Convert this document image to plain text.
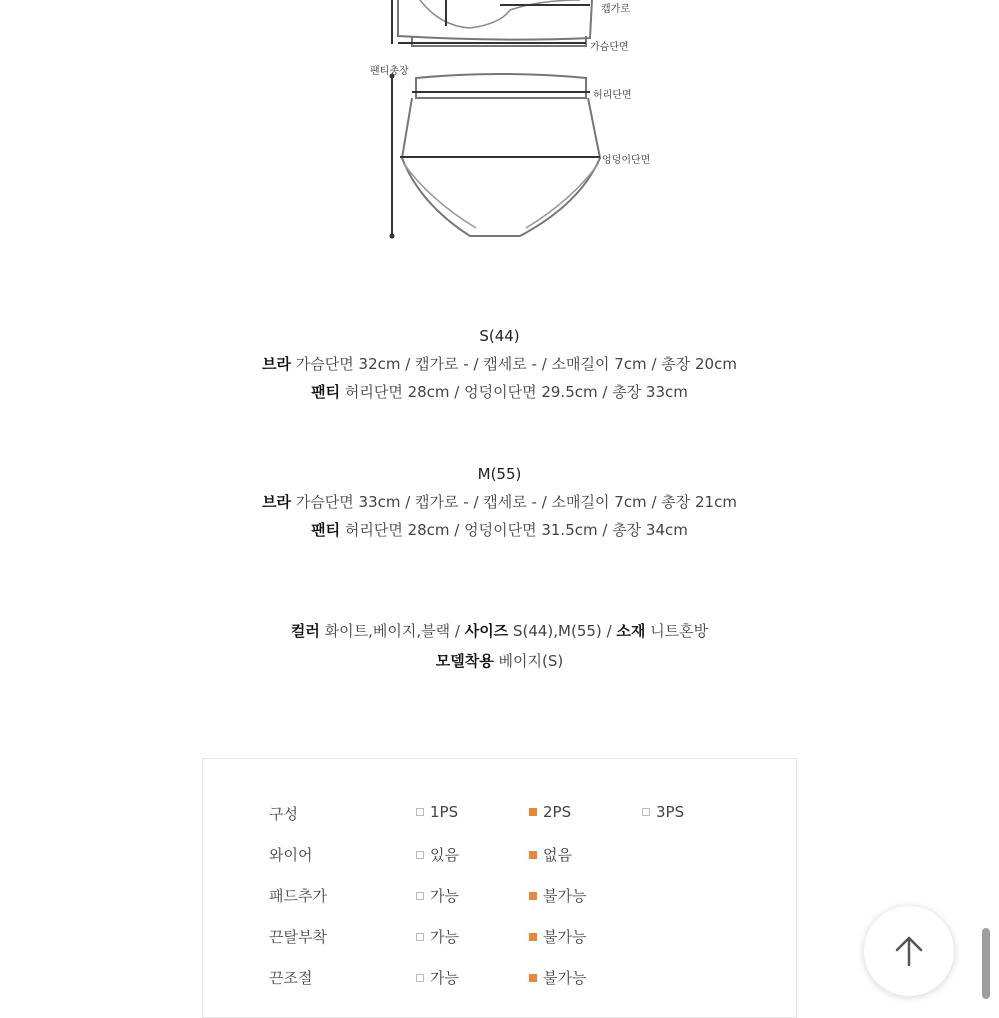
캡가로
가슴단면
팬티총장
허리단면
엉덩이단면
S(44)
브라 가슴단면 32cm / 캡가로 - / 캡세로 - / 소매길이 7cm / 총장 20cm
팬티 허리단면 28cm / 엉덩이단면 29.5cm / 총장 33cm
M(55)
브라 가슴단면 33cm / 캡가로 - / 캡세로 - / 소매길이 7cm / 총장 21cm
팬티 허리단면 28cm / 엉덩이단면 31.5cm / 총장 34cm
컬러 화이트,베이지,블랙 / 사이즈 S(44),M(55) / 소재 니트혼방
모델착용 베이지(S)
구성	1PS	2PS	3PS
와이어	있음	없음
패드추가	가능	불가능
끈탈부착	가능	불가능
끈조절	가능	불가능
